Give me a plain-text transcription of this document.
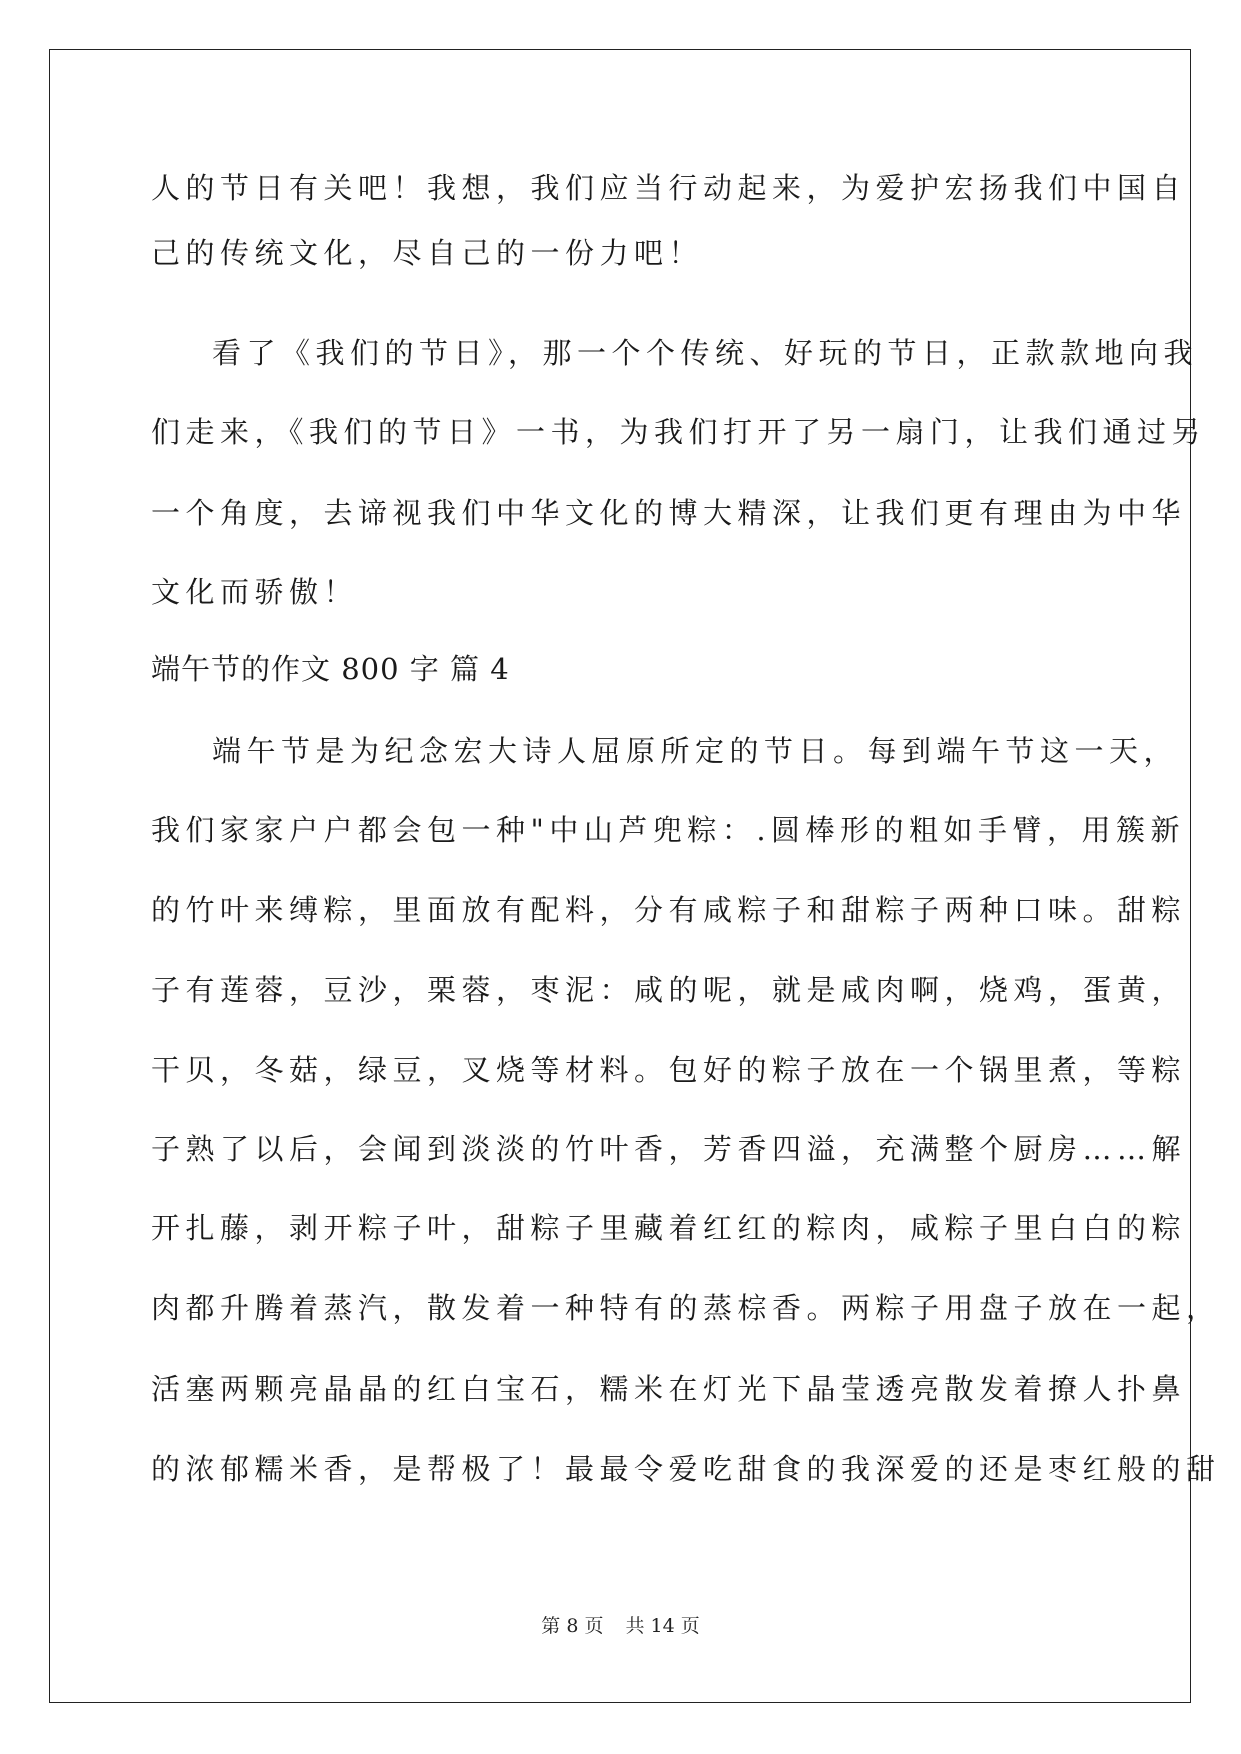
人的节日有关吧！我想，我们应当行动起来，为爱护宏扬我们中国自
己的传统文化，尽自己的一份力吧！
看了《我们的节日》，那一个个传统、好玩的节日，正款款地向我
们走来，《我们的节日》一书，为我们打开了另一扇门，让我们通过另
一个角度，去谛视我们中华文化的博大精深，让我们更有理由为中华
文化而骄傲！
端午节的作文 800 字 篇 4
端午节是为纪念宏大诗人屈原所定的节日。每到端午节这一天，
我们家家户户都会包一种"中山芦兜粽：.圆棒形的粗如手臂，用簇新
的竹叶来缚粽，里面放有配料，分有咸粽子和甜粽子两种口味。甜粽
子有莲蓉，豆沙，栗蓉，枣泥：咸的呢，就是咸肉啊，烧鸡，蛋黄，
干贝，冬菇，绿豆，叉烧等材料。包好的粽子放在一个锅里煮，等粽
子熟了以后，会闻到淡淡的竹叶香，芳香四溢，充满整个厨房……解
开扎藤，剥开粽子叶，甜粽子里藏着红红的粽肉，咸粽子里白白的粽
肉都升腾着蒸汽，散发着一种特有的蒸棕香。两粽子用盘子放在一起，
活塞两颗亮晶晶的红白宝石，糯米在灯光下晶莹透亮散发着撩人扑鼻
的浓郁糯米香，是帮极了！最最令爱吃甜食的我深爱的还是枣红般的甜
第 8 页 共 14 页
